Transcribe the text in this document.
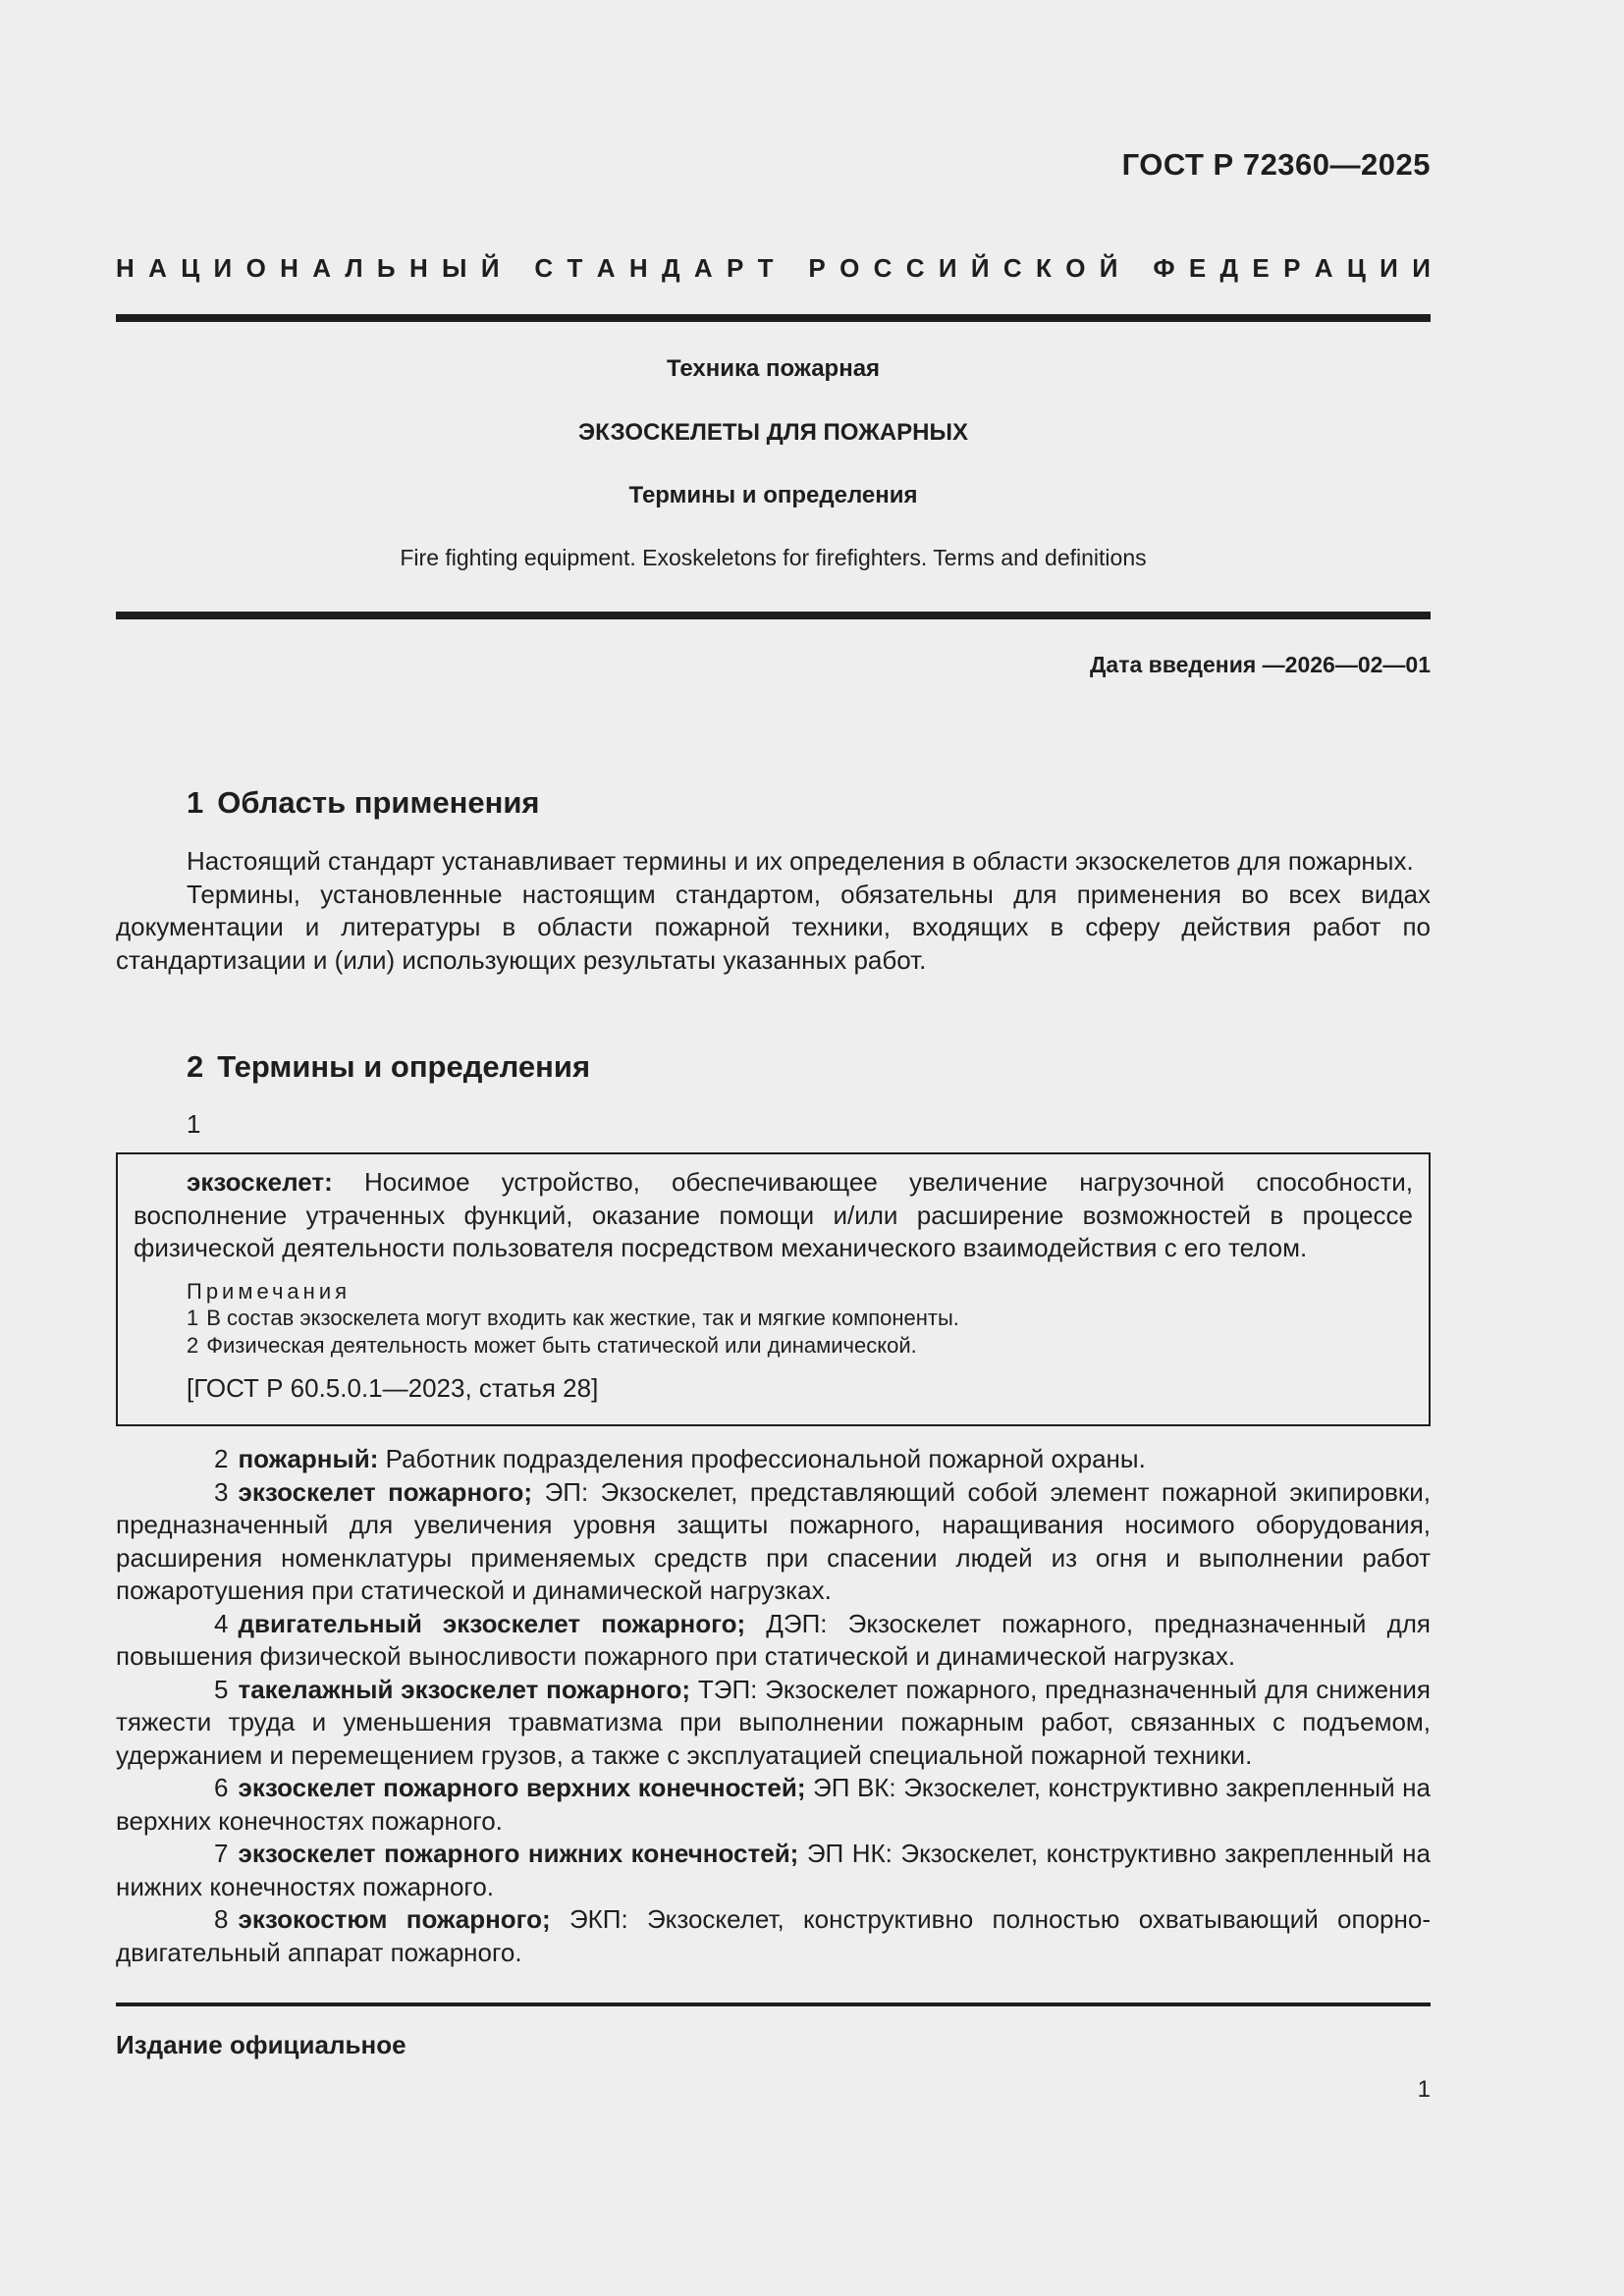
ГОСТ Р 72360—2025
Н А Ц И О Н А Л Ь Н Ы Й
С Т А Н Д А Р Т
Р О С С И Й С К О Й
Ф Е Д Е Р А Ц И И
Техника пожарная
ЭКЗОСКЕЛЕТЫ ДЛЯ ПОЖАРНЫХ
Термины и определения
Fire fighting equipment. Exoskeletons for firefighters. Terms and definitions
Дата введения —2026—02—01
1 Область применения

Настоящий стандарт устанавливает термины и их определения в области экзоскелетов для пожарных.

Термины, установленные настоящим стандартом, обязательны для применения во всех видах документации и литературы в области пожарной техники, входящих в сферу действия работ по стандартизации и (или) использующих результаты указанных работ.

2 Термины и определения
1
экзоскелет: Носимое устройство, обеспечивающее увеличение нагрузочной способности, восполнение утраченных функций, оказание помощи и/или расширение возможностей в процессе физической деятельности пользователя посредством механического взаимодействия с его телом.
Примечания
1 В состав экзоскелета могут входить как жесткие, так и мягкие компоненты.
2 Физическая деятельность может быть статической или динамической.
[ГОСТ Р 60.5.0.1—2023, статья 28]

2 пожарный: Работник подразделения профессиональной пожарной охраны.

3 экзоскелет пожарного; ЭП: Экзоскелет, представляющий собой элемент пожарной экипировки, предназначенный для увеличения уровня защиты пожарного, наращивания носимого оборудования, расширения номенклатуры применяемых средств при спасении людей из огня и выполнении работ пожаротушения при статической и динамической нагрузках.

4 двигательный экзоскелет пожарного; ДЭП: Экзоскелет пожарного, предназначенный для повышения физической выносливости пожарного при статической и динамической нагрузках.

5 такелажный экзоскелет пожарного; ТЭП: Экзоскелет пожарного, предназначенный для снижения тяжести труда и уменьшения травматизма при выполнении пожарным работ, связанных с подъемом, удержанием и перемещением грузов, а также с эксплуатацией специальной пожарной техники.

6 экзоскелет пожарного верхних конечностей; ЭП ВК: Экзоскелет, конструктивно закрепленный на верхних конечностях пожарного.

7 экзоскелет пожарного нижних конечностей; ЭП НК: Экзоскелет, конструктивно закрепленный на нижних конечностях пожарного.

8 экзокостюм пожарного; ЭКП: Экзоскелет, конструктивно полностью охватывающий опорно-двигательный аппарат пожарного.

Издание официальное
1
